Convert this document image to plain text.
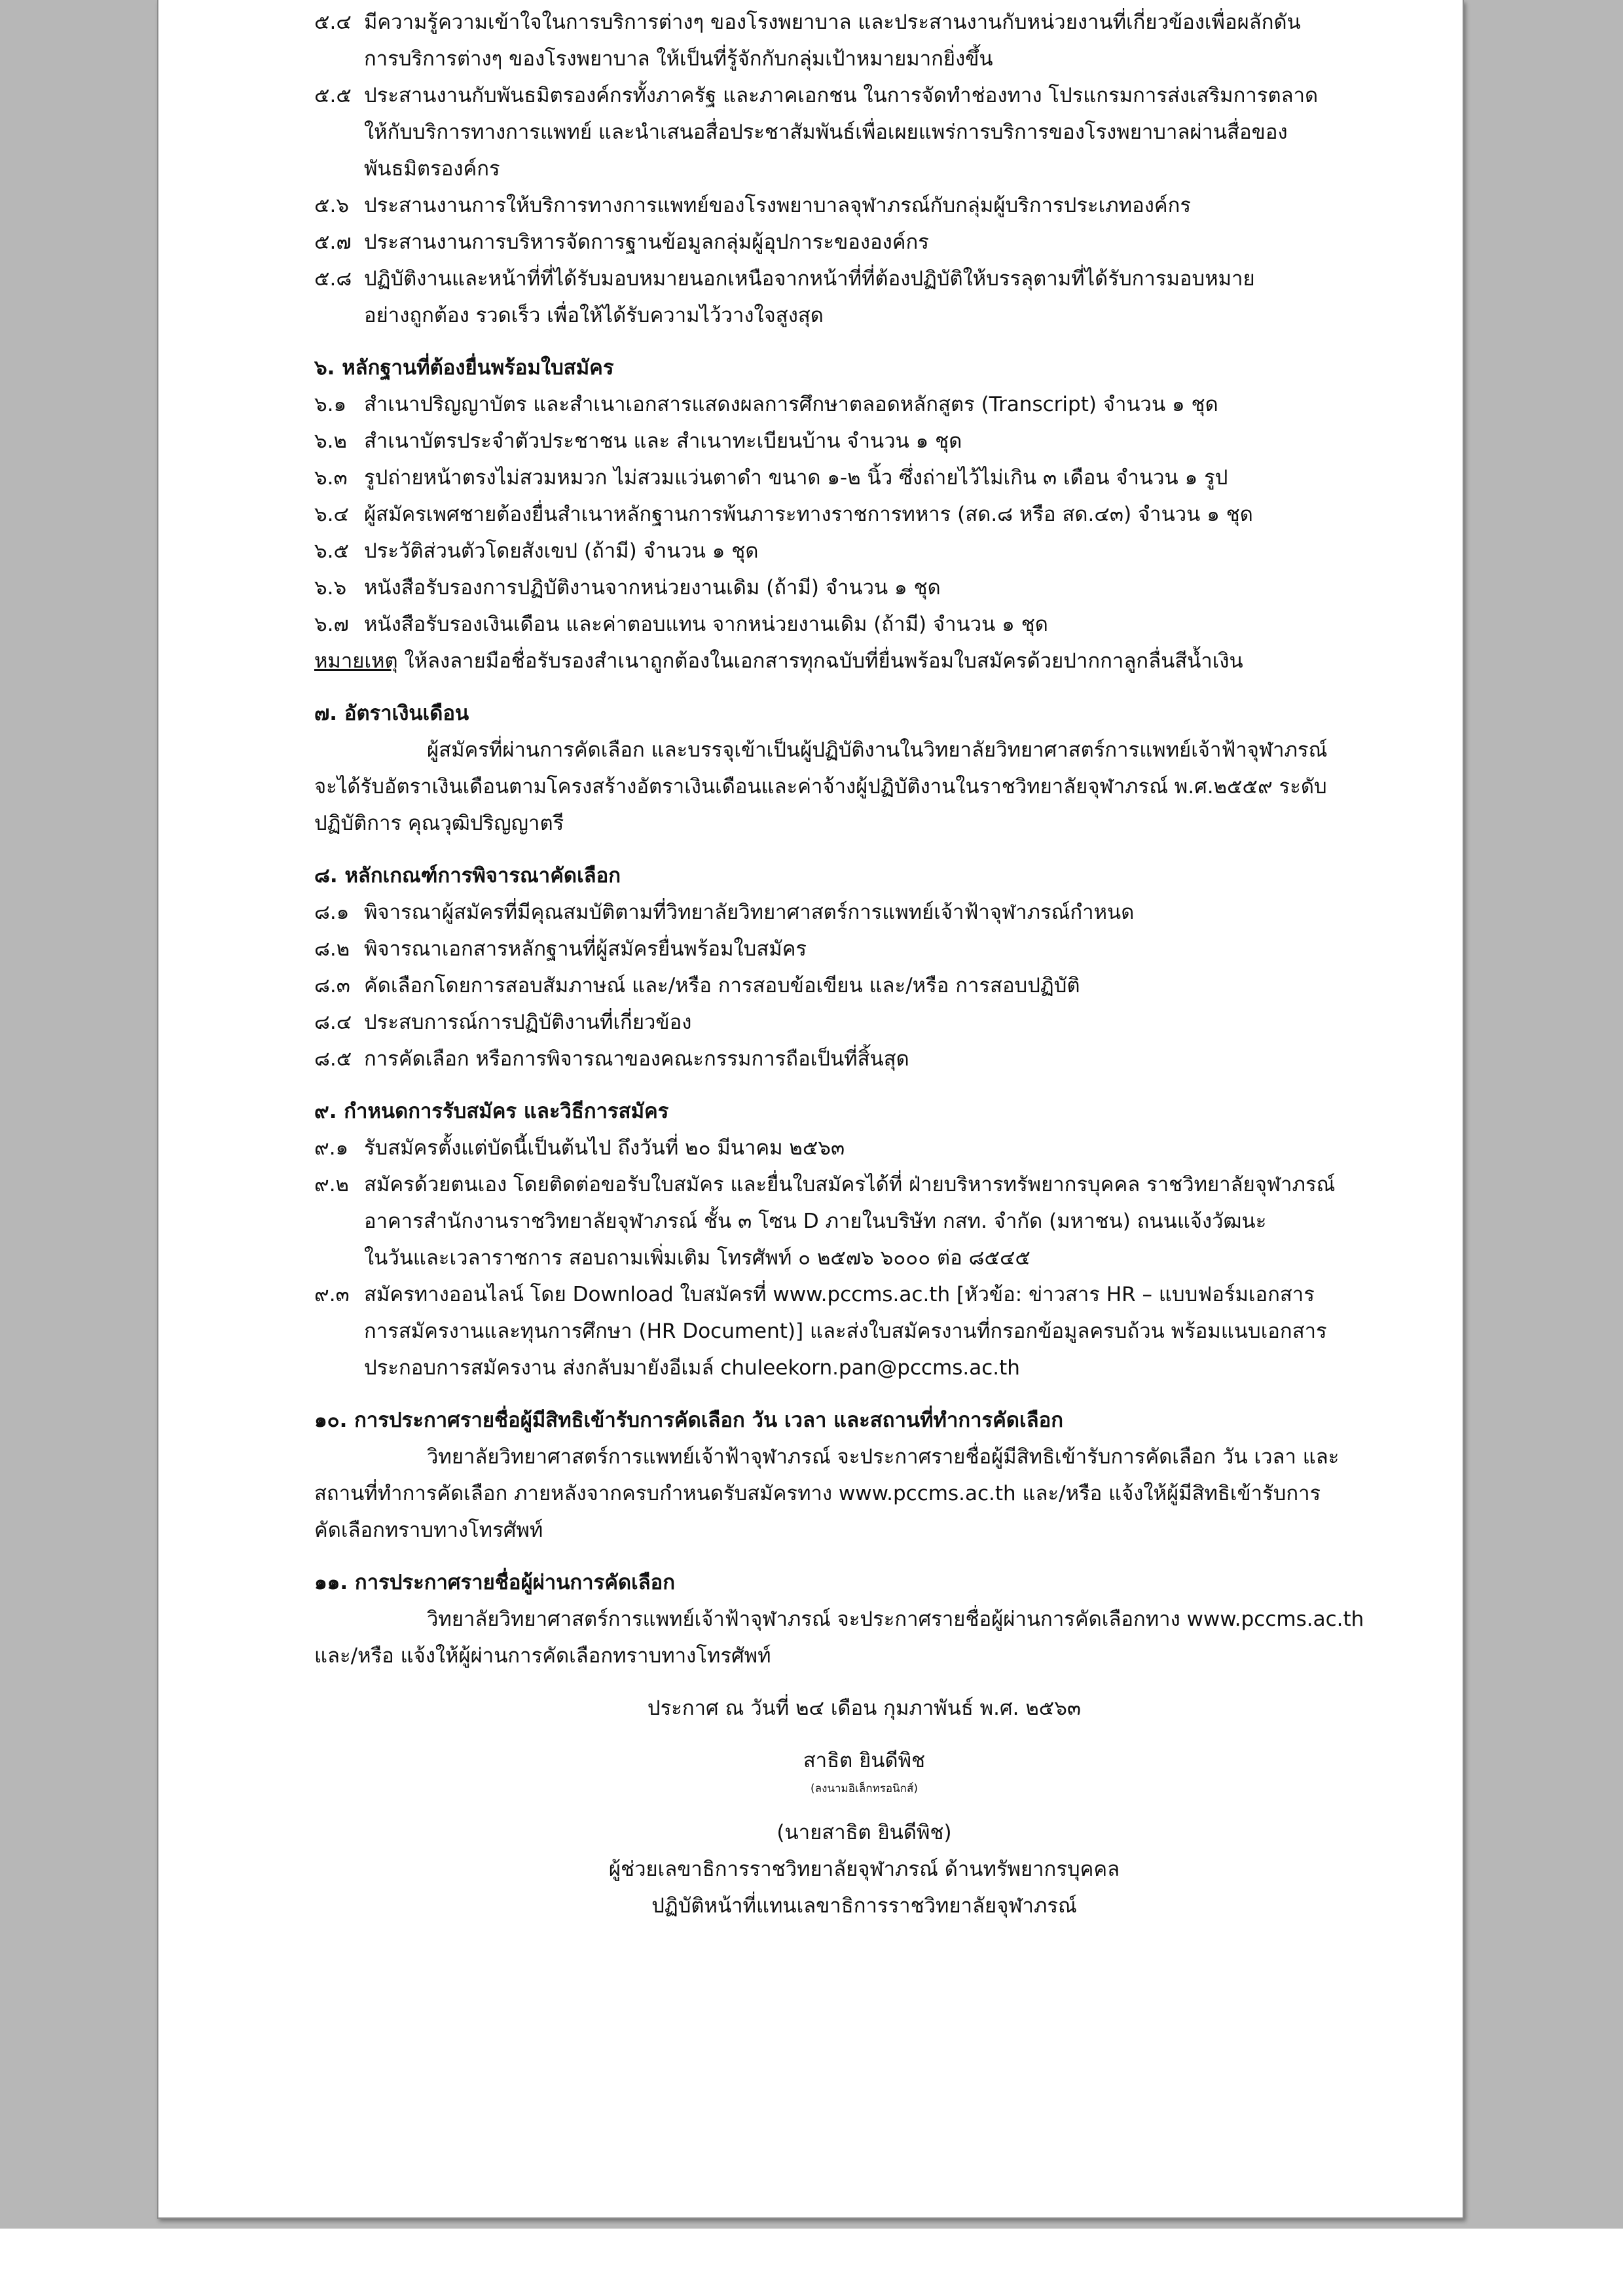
๕.๔ มีความรู้ความเข้าใจในการบริการต่างๆ ของโรงพยาบาล และประสานงานกับหน่วยงานที่เกี่ยวข้องเพื่อผลักดัน
การบริการต่างๆ ของโรงพยาบาล ให้เป็นที่รู้จักกับกลุ่มเป้าหมายมากยิ่งขึ้น
๕.๕ ประสานงานกับพันธมิตรองค์กรทั้งภาครัฐ และภาคเอกชน ในการจัดทำช่องทาง โปรแกรมการส่งเสริมการตลาด
ให้กับบริการทางการแพทย์ และนำเสนอสื่อประชาสัมพันธ์เพื่อเผยแพร่การบริการของโรงพยาบาลผ่านสื่อของ
พันธมิตรองค์กร
๕.๖ ประสานงานการให้บริการทางการแพทย์ของโรงพยาบาลจุฬาภรณ์กับกลุ่มผู้บริการประเภทองค์กร
๕.๗ ประสานงานการบริหารจัดการฐานข้อมูลกลุ่มผู้อุปการะขององค์กร
๕.๘ ปฏิบัติงานและหน้าที่ที่ได้รับมอบหมายนอกเหนือจากหน้าที่ที่ต้องปฏิบัติให้บรรลุตามที่ได้รับการมอบหมาย
อย่างถูกต้อง รวดเร็ว เพื่อให้ได้รับความไว้วางใจสูงสุด
๖. หลักฐานที่ต้องยื่นพร้อมใบสมัคร
๖.๑ สำเนาปริญญาบัตร และสำเนาเอกสารแสดงผลการศึกษาตลอดหลักสูตร (Transcript) จำนวน ๑ ชุด
๖.๒ สำเนาบัตรประจำตัวประชาชน และ สำเนาทะเบียนบ้าน จำนวน ๑ ชุด
๖.๓ รูปถ่ายหน้าตรงไม่สวมหมวก ไม่สวมแว่นตาดำ ขนาด ๑-๒ นิ้ว ซึ่งถ่ายไว้ไม่เกิน ๓ เดือน จำนวน ๑ รูป
๖.๔ ผู้สมัครเพศชายต้องยื่นสำเนาหลักฐานการพ้นภาระทางราชการทหาร (สด.๘ หรือ สด.๔๓) จำนวน ๑ ชุด
๖.๕ ประวัติส่วนตัวโดยสังเขป (ถ้ามี) จำนวน ๑ ชุด
๖.๖ หนังสือรับรองการปฏิบัติงานจากหน่วยงานเดิม (ถ้ามี) จำนวน ๑ ชุด
๖.๗ หนังสือรับรองเงินเดือน และค่าตอบแทน จากหน่วยงานเดิม (ถ้ามี) จำนวน ๑ ชุด
หมายเหตุ ให้ลงลายมือชื่อรับรองสำเนาถูกต้องในเอกสารทุกฉบับที่ยื่นพร้อมใบสมัครด้วยปากกาลูกลื่นสีน้ำเงิน
๗. อัตราเงินเดือน
ผู้สมัครที่ผ่านการคัดเลือก และบรรจุเข้าเป็นผู้ปฏิบัติงานในวิทยาลัยวิทยาศาสตร์การแพทย์เจ้าฟ้าจุฬาภรณ์
จะได้รับอัตราเงินเดือนตามโครงสร้างอัตราเงินเดือนและค่าจ้างผู้ปฏิบัติงานในราชวิทยาลัยจุฬาภรณ์ พ.ศ.๒๕๕๙ ระดับ
ปฏิบัติการ คุณวุฒิปริญญาตรี
๘. หลักเกณฑ์การพิจารณาคัดเลือก
๘.๑ พิจารณาผู้สมัครที่มีคุณสมบัติตามที่วิทยาลัยวิทยาศาสตร์การแพทย์เจ้าฟ้าจุฬาภรณ์กำหนด
๘.๒ พิจารณาเอกสารหลักฐานที่ผู้สมัครยื่นพร้อมใบสมัคร
๘.๓ คัดเลือกโดยการสอบสัมภาษณ์ และ/หรือ การสอบข้อเขียน และ/หรือ การสอบปฏิบัติ
๘.๔ ประสบการณ์การปฏิบัติงานที่เกี่ยวข้อง
๘.๕ การคัดเลือก หรือการพิจารณาของคณะกรรมการถือเป็นที่สิ้นสุด
๙. กำหนดการรับสมัคร และวิธีการสมัคร
๙.๑ รับสมัครตั้งแต่บัดนี้เป็นต้นไป ถึงวันที่ ๒๐ มีนาคม ๒๕๖๓
๙.๒ สมัครด้วยตนเอง โดยติดต่อขอรับใบสมัคร และยื่นใบสมัครได้ที่ ฝ่ายบริหารทรัพยากรบุคคล ราชวิทยาลัยจุฬาภรณ์
อาคารสำนักงานราชวิทยาลัยจุฬาภรณ์ ชั้น ๓ โซน D ภายในบริษัท กสท. จำกัด (มหาชน) ถนนแจ้งวัฒนะ
ในวันและเวลาราชการ สอบถามเพิ่มเติม โทรศัพท์ ๐ ๒๕๗๖ ๖๐๐๐ ต่อ ๘๕๔๕
๙.๓ สมัครทางออนไลน์ โดย Download ใบสมัครที่ www.pccms.ac.th [หัวข้อ: ข่าวสาร HR – แบบฟอร์มเอกสาร
การสมัครงานและทุนการศึกษา (HR Document)] และส่งใบสมัครงานที่กรอกข้อมูลครบถ้วน พร้อมแนบเอกสาร
ประกอบการสมัครงาน ส่งกลับมายังอีเมล์ chuleekorn.pan@pccms.ac.th
๑๐. การประกาศรายชื่อผู้มีสิทธิเข้ารับการคัดเลือก วัน เวลา และสถานที่ทำการคัดเลือก
วิทยาลัยวิทยาศาสตร์การแพทย์เจ้าฟ้าจุฬาภรณ์ จะประกาศรายชื่อผู้มีสิทธิเข้ารับการคัดเลือก วัน เวลา และ
สถานที่ทำการคัดเลือก ภายหลังจากครบกำหนดรับสมัครทาง www.pccms.ac.th และ/หรือ แจ้งให้ผู้มีสิทธิเข้ารับการ
คัดเลือกทราบทางโทรศัพท์
๑๑. การประกาศรายชื่อผู้ผ่านการคัดเลือก
วิทยาลัยวิทยาศาสตร์การแพทย์เจ้าฟ้าจุฬาภรณ์ จะประกาศรายชื่อผู้ผ่านการคัดเลือกทาง www.pccms.ac.th
และ/หรือ แจ้งให้ผู้ผ่านการคัดเลือกทราบทางโทรศัพท์
ประกาศ ณ วันที่ ๒๔ เดือน กุมภาพันธ์ พ.ศ. ๒๕๖๓
สาธิต ยินดีพิช
(ลงนามอิเล็กทรอนิกส์)
(นายสาธิต ยินดีพิช)
ผู้ช่วยเลขาธิการราชวิทยาลัยจุฬาภรณ์ ด้านทรัพยากรบุคคล
ปฏิบัติหน้าที่แทนเลขาธิการราชวิทยาลัยจุฬาภรณ์
